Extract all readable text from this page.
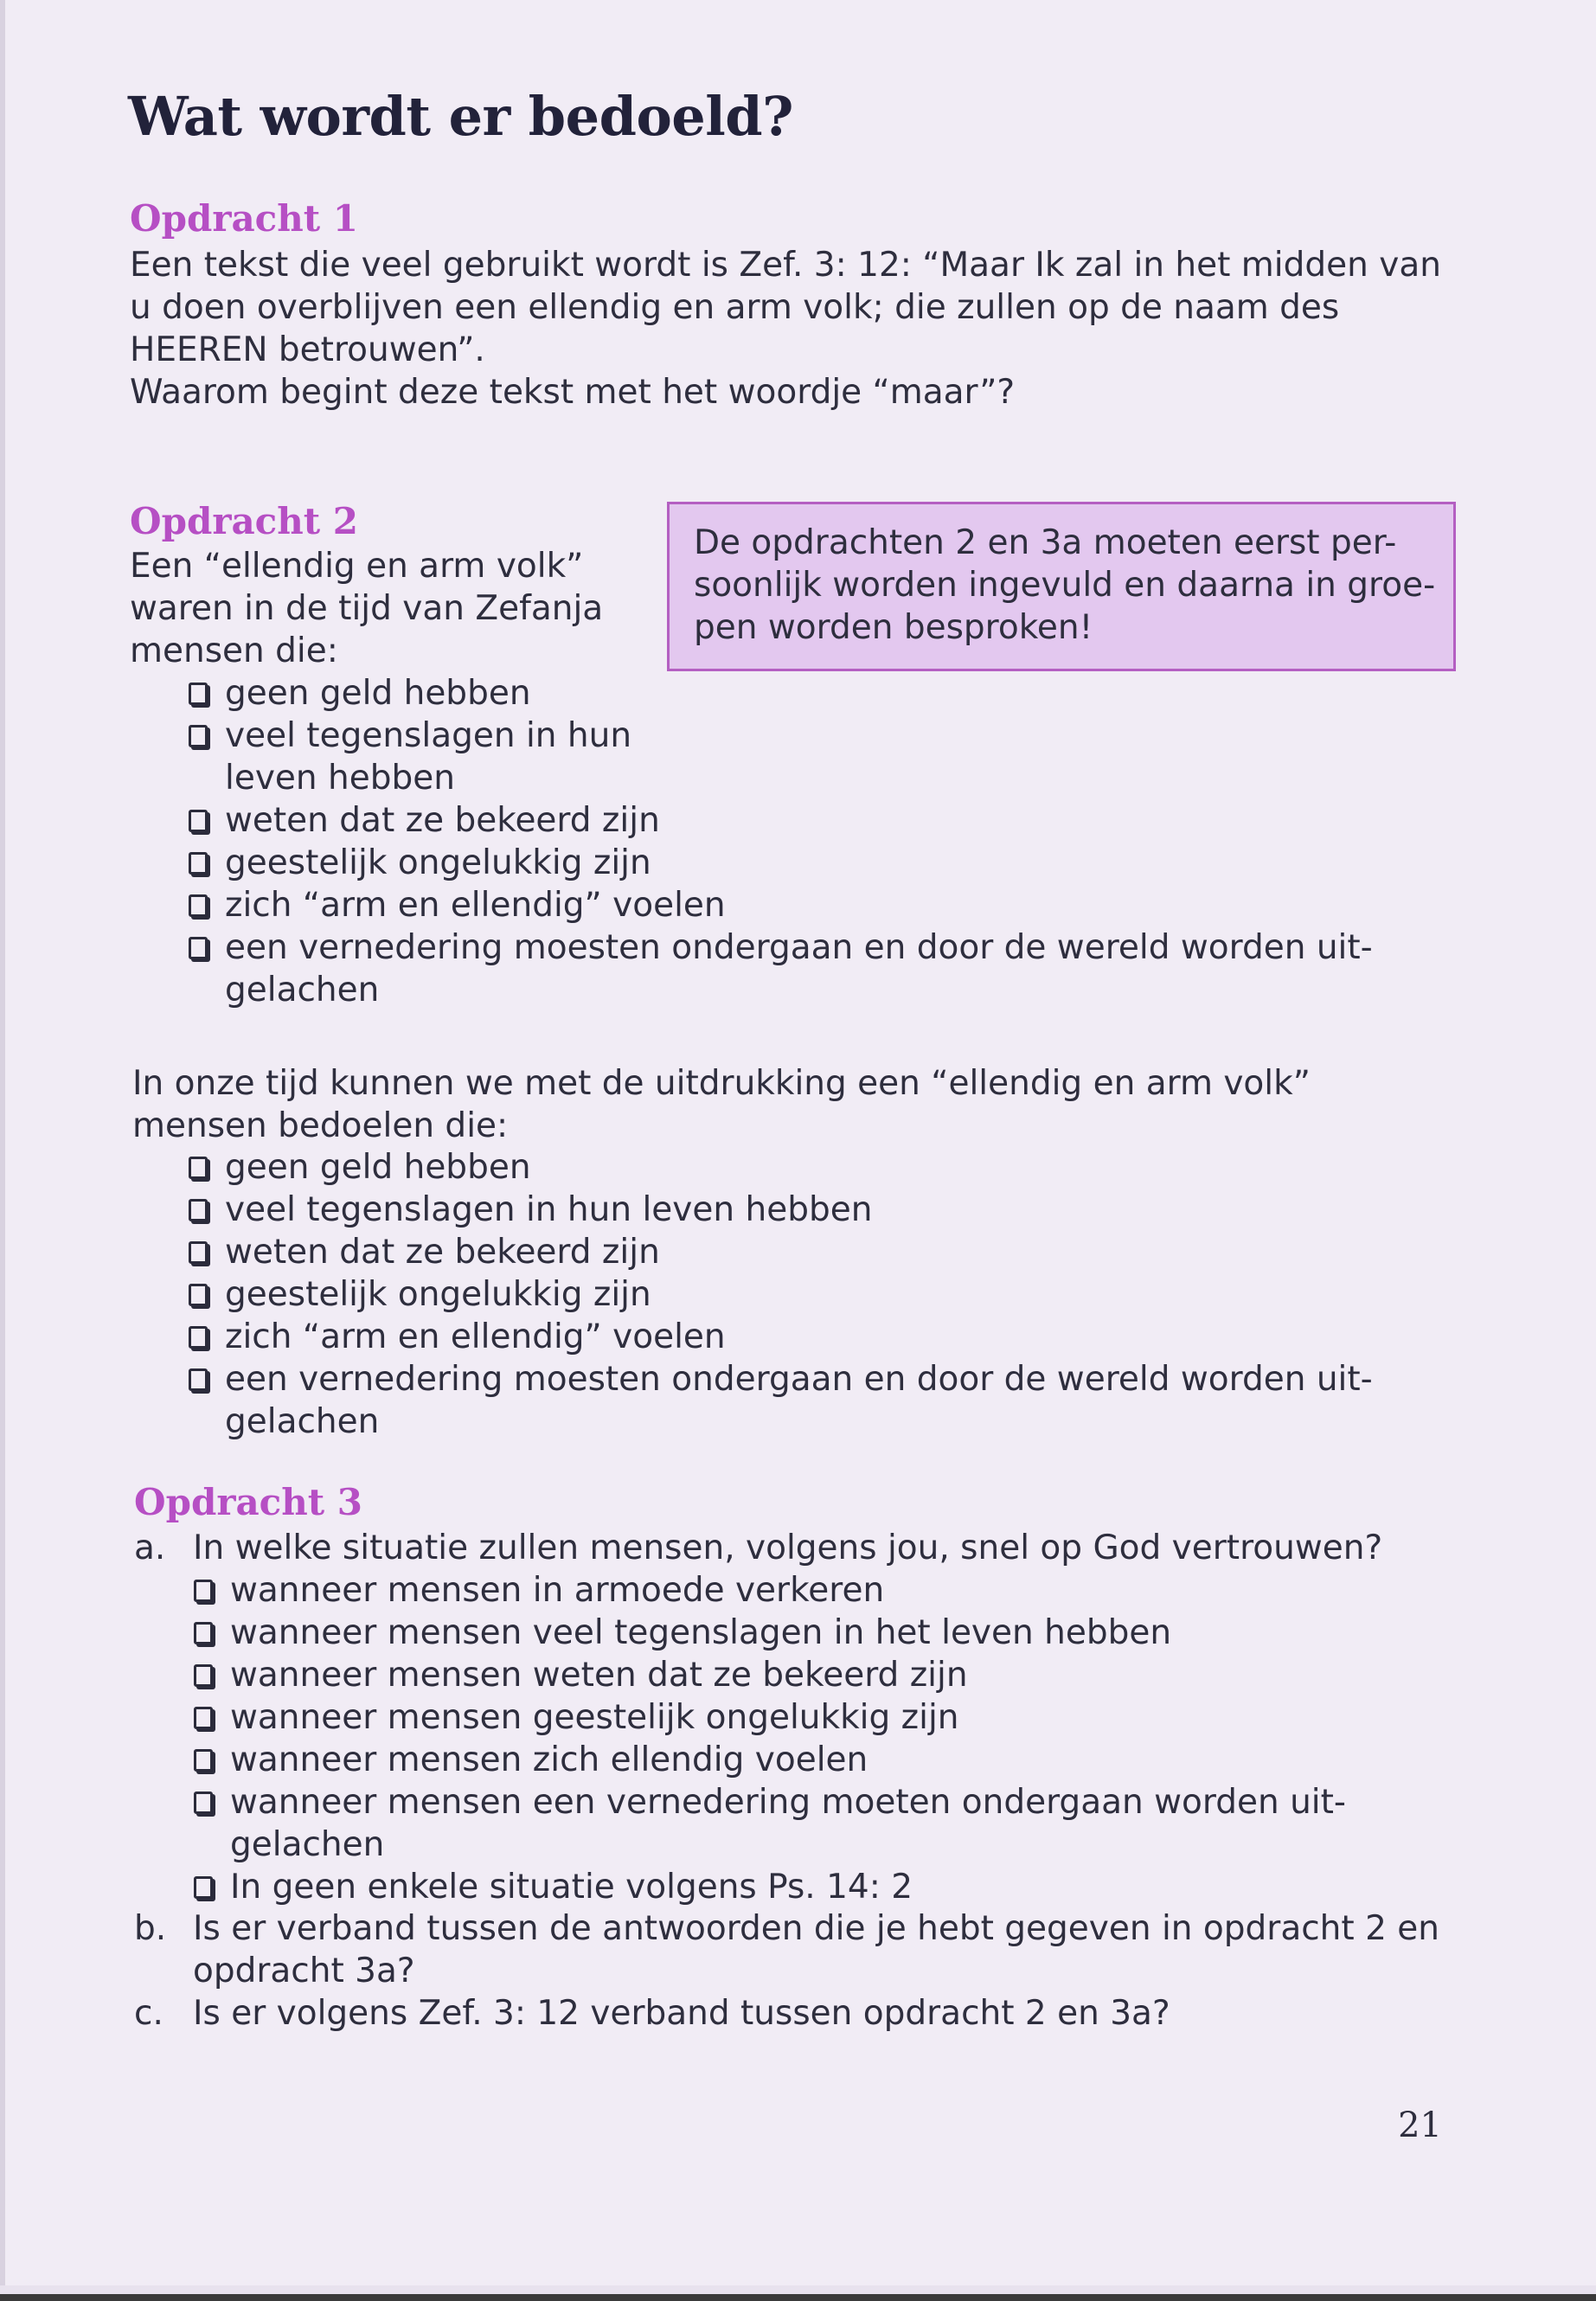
Wat wordt er bedoeld?
Opdracht 1
Een tekst die veel gebruikt wordt is Zef. 3: 12: “Maar Ik zal in het midden van
u doen overblijven een ellendig en arm volk; die zullen op de naam des
HEEREN betrouwen”.
Waarom begint deze tekst met het woordje “maar”?
Opdracht 2
Een “ellendig en arm volk”
waren in de tijd van Zefanja
mensen die:
De opdrachten 2 en 3a moeten eerst per-
soonlijk worden ingevuld en daarna in groe-
pen worden besproken!
geen geld hebben
veel tegenslagen in hun
leven hebben
weten dat ze bekeerd zijn
geestelijk ongelukkig zijn
zich “arm en ellendig” voelen
een vernedering moesten ondergaan en door de wereld worden uit-
gelachen
In onze tijd kunnen we met de uitdrukking een “ellendig en arm volk”
mensen bedoelen die:
geen geld hebben
veel tegenslagen in hun leven hebben
weten dat ze bekeerd zijn
geestelijk ongelukkig zijn
zich “arm en ellendig” voelen
een vernedering moesten ondergaan en door de wereld worden uit-
gelachen
Opdracht 3
a. In welke situatie zullen mensen, volgens jou, snel op God vertrouwen?
wanneer mensen in armoede verkeren
wanneer mensen veel tegenslagen in het leven hebben
wanneer mensen weten dat ze bekeerd zijn
wanneer mensen geestelijk ongelukkig zijn
wanneer mensen zich ellendig voelen
wanneer mensen een vernedering moeten ondergaan worden uit-
gelachen
In geen enkele situatie volgens Ps. 14: 2
b. Is er verband tussen de antwoorden die je hebt gegeven in opdracht 2 en
opdracht 3a?
c. Is er volgens Zef. 3: 12 verband tussen opdracht 2 en 3a?
21
